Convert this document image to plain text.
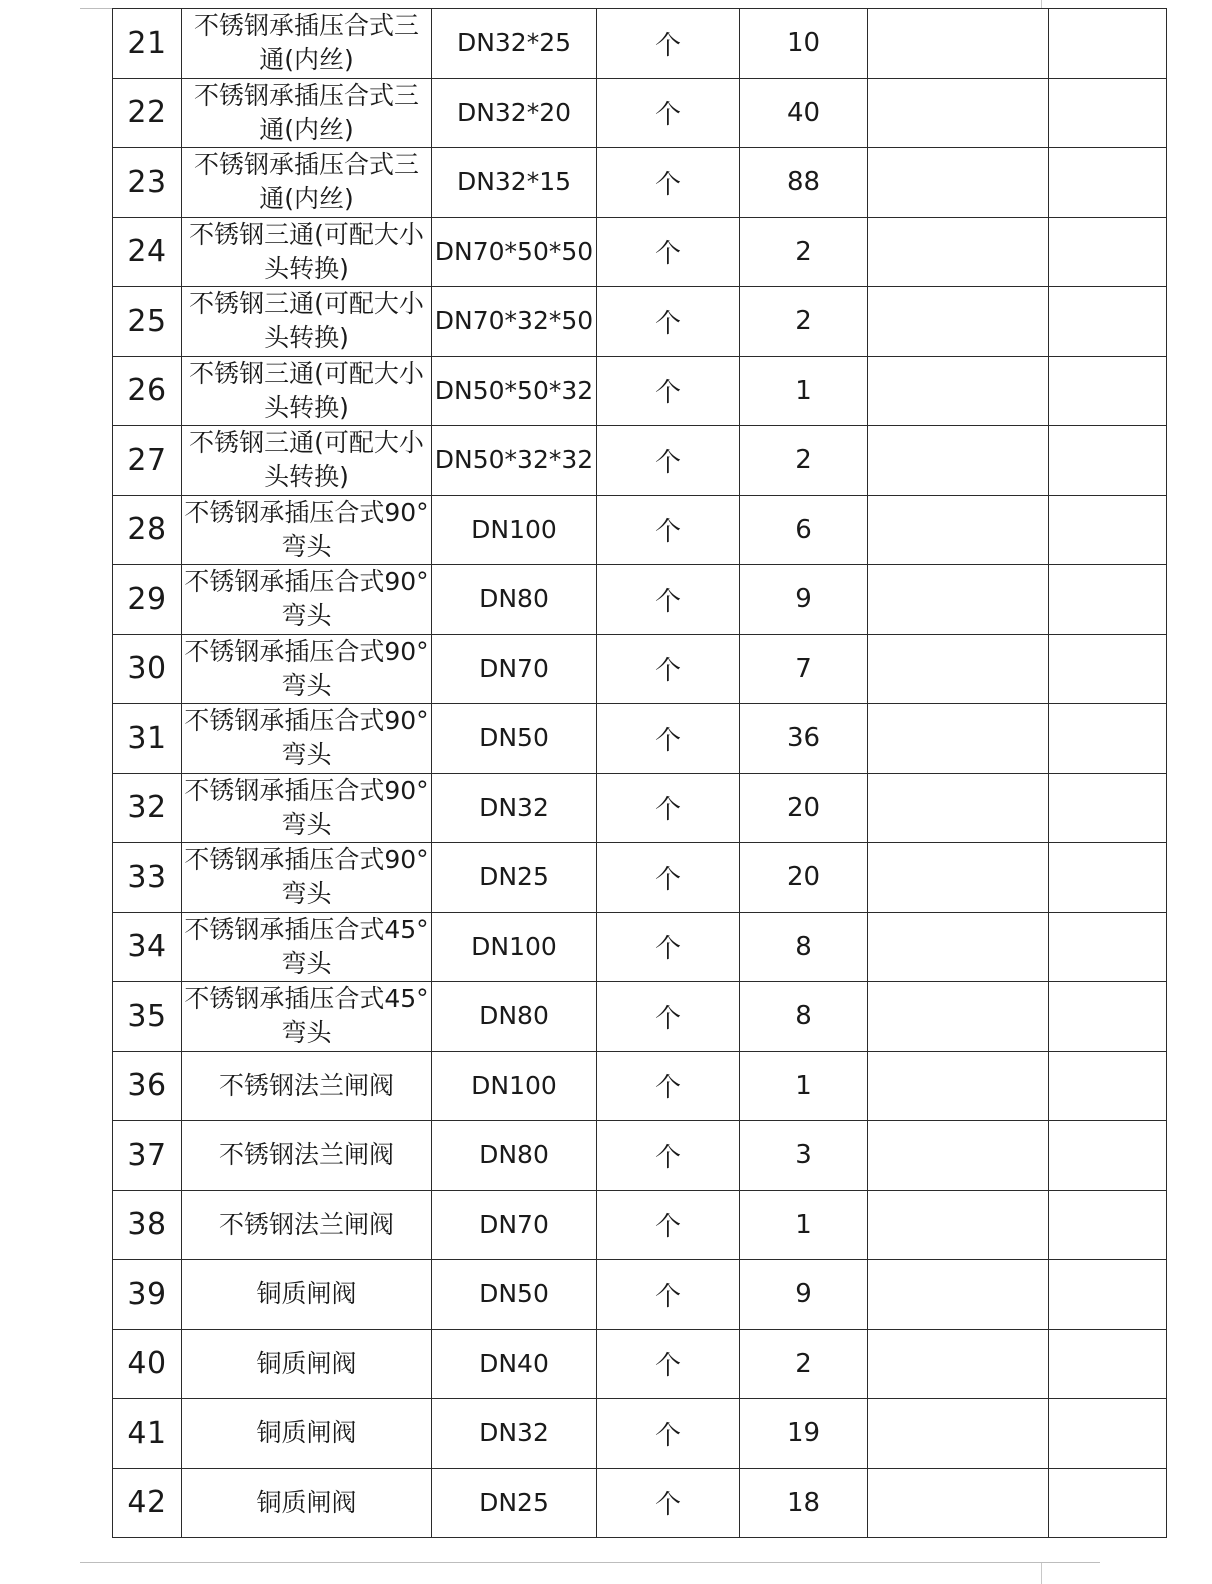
21	不锈钢承插压合式三通(内丝)	DN32*25	个	10		
22	不锈钢承插压合式三通(内丝)	DN32*20	个	40		
23	不锈钢承插压合式三通(内丝)	DN32*15	个	88		
24	不锈钢三通(可配大小头转换)	DN70*50*50	个	2		
25	不锈钢三通(可配大小头转换)	DN70*32*50	个	2		
26	不锈钢三通(可配大小头转换)	DN50*50*32	个	1		
27	不锈钢三通(可配大小头转换)	DN50*32*32	个	2		
28	不锈钢承插压合式90°弯头	DN100	个	6		
29	不锈钢承插压合式90°弯头	DN80	个	9		
30	不锈钢承插压合式90°弯头	DN70	个	7		
31	不锈钢承插压合式90°弯头	DN50	个	36		
32	不锈钢承插压合式90°弯头	DN32	个	20		
33	不锈钢承插压合式90°弯头	DN25	个	20		
34	不锈钢承插压合式45°弯头	DN100	个	8		
35	不锈钢承插压合式45°弯头	DN80	个	8		
36	不锈钢法兰闸阀	DN100	个	1		
37	不锈钢法兰闸阀	DN80	个	3		
38	不锈钢法兰闸阀	DN70	个	1		
39	铜质闸阀	DN50	个	9		
40	铜质闸阀	DN40	个	2		
41	铜质闸阀	DN32	个	19		
42	铜质闸阀	DN25	个	18		
